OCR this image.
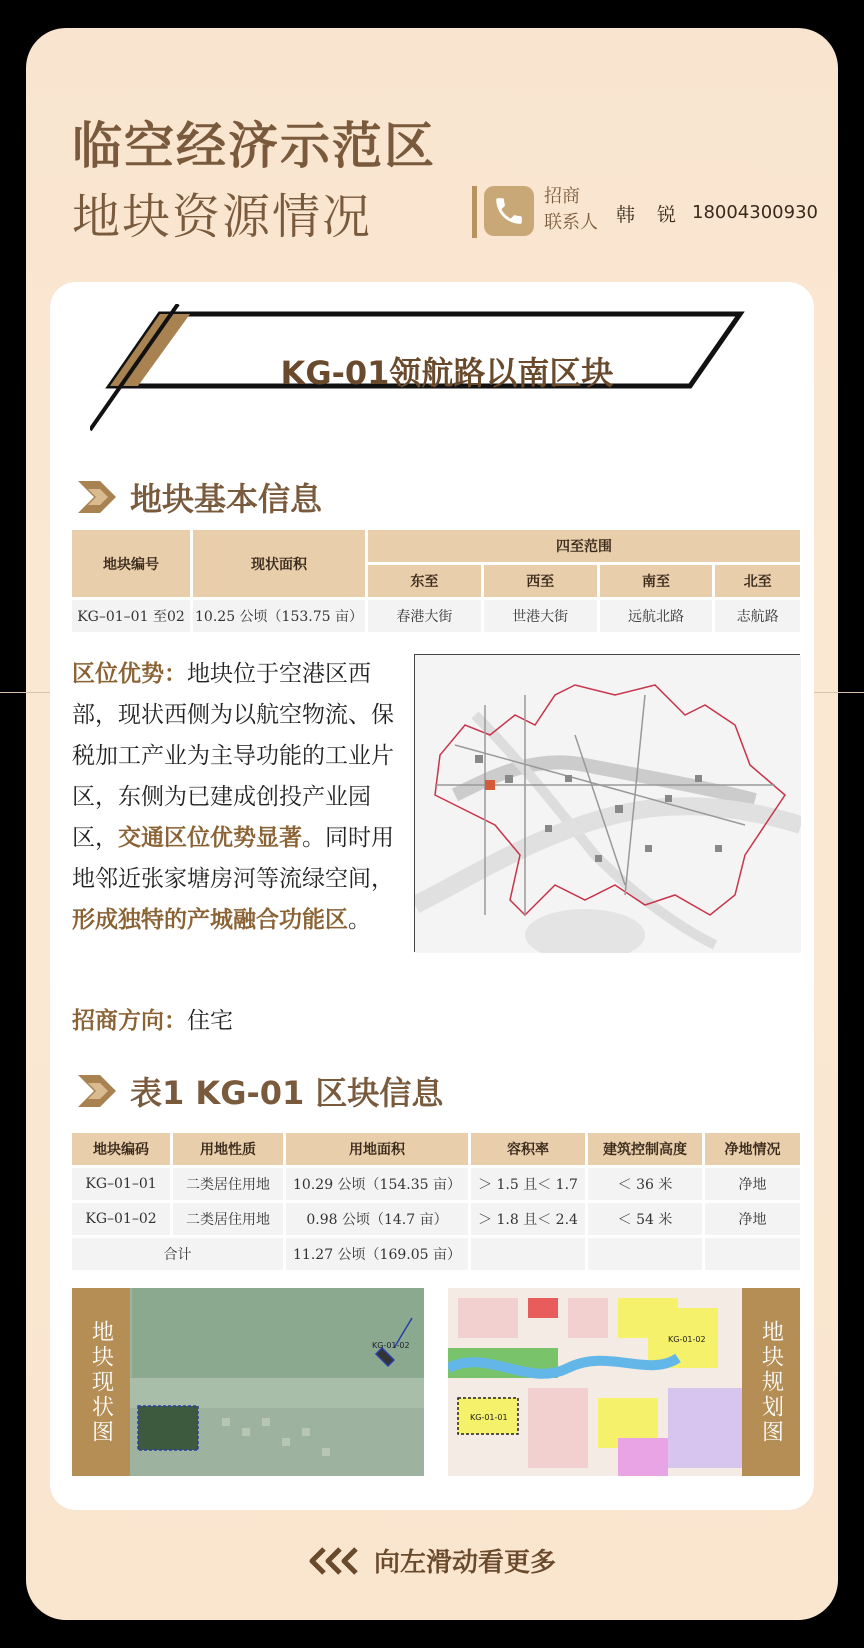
临空经济示范区
地块资源情况	招商
联系人 韩 锐 18004300930
KG-01领航路以南区块
地块基本信息
地块编号	现状面积	四至范围			
		东至	西至	南至	北至
KG–01–01 至02	10.25 公顷（153.75 亩）	春港大街	世港大街	远航北路	志航路
区位优势：地块位于空港区西部，现状西侧为以航空物流、保税加工产业为主导功能的工业片区，东侧为已建成创投产业园区，交通区位优势显著。同时用地邻近张家塘房河等流绿空间，形成独特的产城融合功能区。
招商方向：住宅
表1 KG-01 区块信息
地块编码	用地性质	用地面积	容积率	建筑控制高度	净地情况
KG–01–01	二类居住用地	10.29 公顷（154.35 亩）	＞ 1.5 且＜ 1.7	＜ 36 米	净地
KG–01–02	二类居住用地	0.98 公顷（14.7 亩）	＞ 1.8 且＜ 2.4	＜ 54 米	净地
合计		11.27 公顷（169.05 亩）			
KG-01-02
地块现状图	KG-01-01
KG-01-02	地块规划图
向左滑动看更多
